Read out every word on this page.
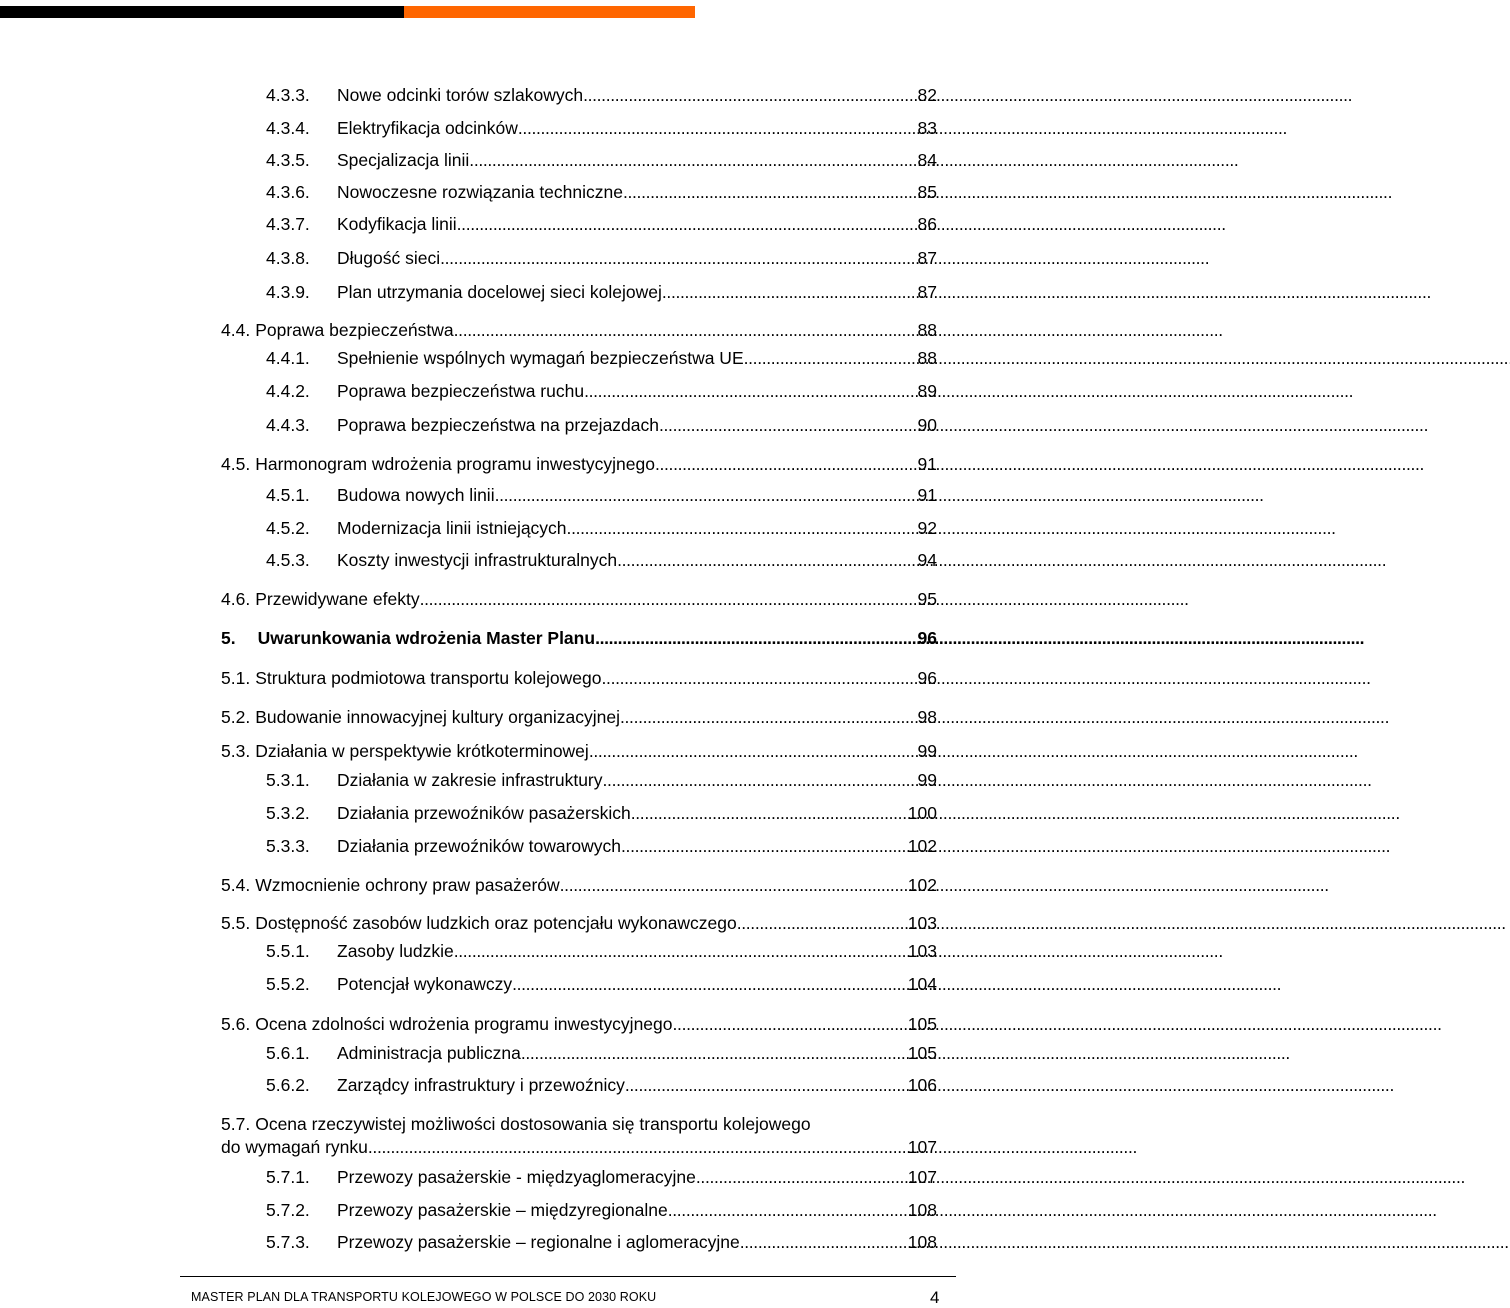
4.3.3.	Nowe odcinki torów szlakowych . . .	82
4.3.4.	Elektryfikacja odcinków . . .	83
4.3.5.	Specjalizacja linii . . .	84
4.3.6.	Nowoczesne rozwiązania techniczne . . .	85
4.3.7.	Kodyfikacja linii . . .	86
4.3.8.	Długość sieci . . .	87
4.3.9.	Plan utrzymania docelowej sieci kolejowej . . .	87
4.4. Poprawa bezpieczeństwa . . .	88
4.4.1.	Spełnienie wspólnych wymagań bezpieczeństwa UE . . .	88
4.4.2.	Poprawa bezpieczeństwa ruchu . . .	89
4.4.3.	Poprawa bezpieczeństwa na przejazdach . . .	90
4.5. Harmonogram wdrożenia programu inwestycyjnego . . .	91
4.5.1.	Budowa nowych linii . . .	91
4.5.2.	Modernizacja linii istniejących . . .	92
4.5.3.	Koszty inwestycji infrastrukturalnych . . .	94
4.6. Przewidywane efekty . . .	95
5. Uwarunkowania wdrożenia Master Planu . . .	96
5.1. Struktura podmiotowa transportu kolejowego . . .	96
5.2. Budowanie innowacyjnej kultury organizacyjnej . . .	98
5.3. Działania w perspektywie krótkoterminowej . . .	99
5.3.1.	Działania w zakresie infrastruktury . . .	99
5.3.2.	Działania przewoźników pasażerskich . . .	100
5.3.3.	Działania przewoźników towarowych . . .	102
5.4. Wzmocnienie ochrony praw pasażerów . . .	102
5.5. Dostępność zasobów ludzkich oraz potencjału wykonawczego . . .	103
5.5.1.	Zasoby ludzkie . . .	103
5.5.2.	Potencjał wykonawczy . . .	104
5.6. Ocena zdolności wdrożenia programu inwestycyjnego . . .	105
5.6.1.	Administracja publiczna . . .	105
5.6.2.	Zarządcy infrastruktury i przewoźnicy . . .	106
5.7. Ocena rzeczywistej możliwości dostosowania się transportu kolejowego
do wymagań rynku . . .	107
5.7.1.	Przewozy pasażerskie - międzyaglomeracyjne . . .	107
5.7.2.	Przewozy pasażerskie – międzyregionalne . . .	108
5.7.3.	Przewozy pasażerskie – regionalne i aglomeracyjne . . .	108
MASTER PLAN DLA TRANSPORTU KOLEJOWEGO W POLSCE DO 2030 ROKU	4
